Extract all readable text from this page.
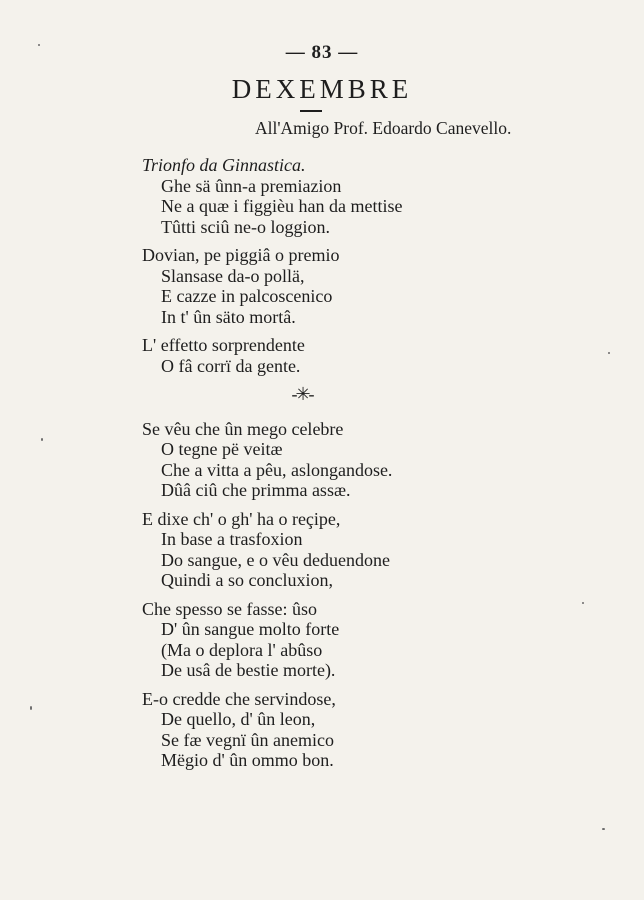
— 83 —
DEXEMBRE
All'Amigo Prof. Edoardo Canevello.
Trionfo da Ginnastica.
Ghe sä ûnn-a premiazion
Ne a quæ i figgièu han da mettise
Tûtti sciû ne-o loggion.
Dovian, pe piggiâ o premio
Slansase da-o pollä,
E cazze in palcoscenico
In t' ûn säto mortâ.
L' effetto sorprendente
O fâ corrï da gente.
-✳-
Se vêu che ûn mego celebre
O tegne pë veitæ
Che a vitta a pêu, aslongandose.
Dûâ ciû che primma assæ.
E dixe ch' o gh' ha o reçipe,
In base a trasfoxion
Do sangue, e o vêu deduendone
Quindi a so concluxion,
Che spesso se fasse: ûso
D' ûn sangue molto forte
(Ma o deplora l' abûso
De usâ de bestie morte).
E-o credde che servindose,
De quello, d' ûn leon,
Se fæ vegnï ûn anemico
Mëgio d' ûn ommo bon.
